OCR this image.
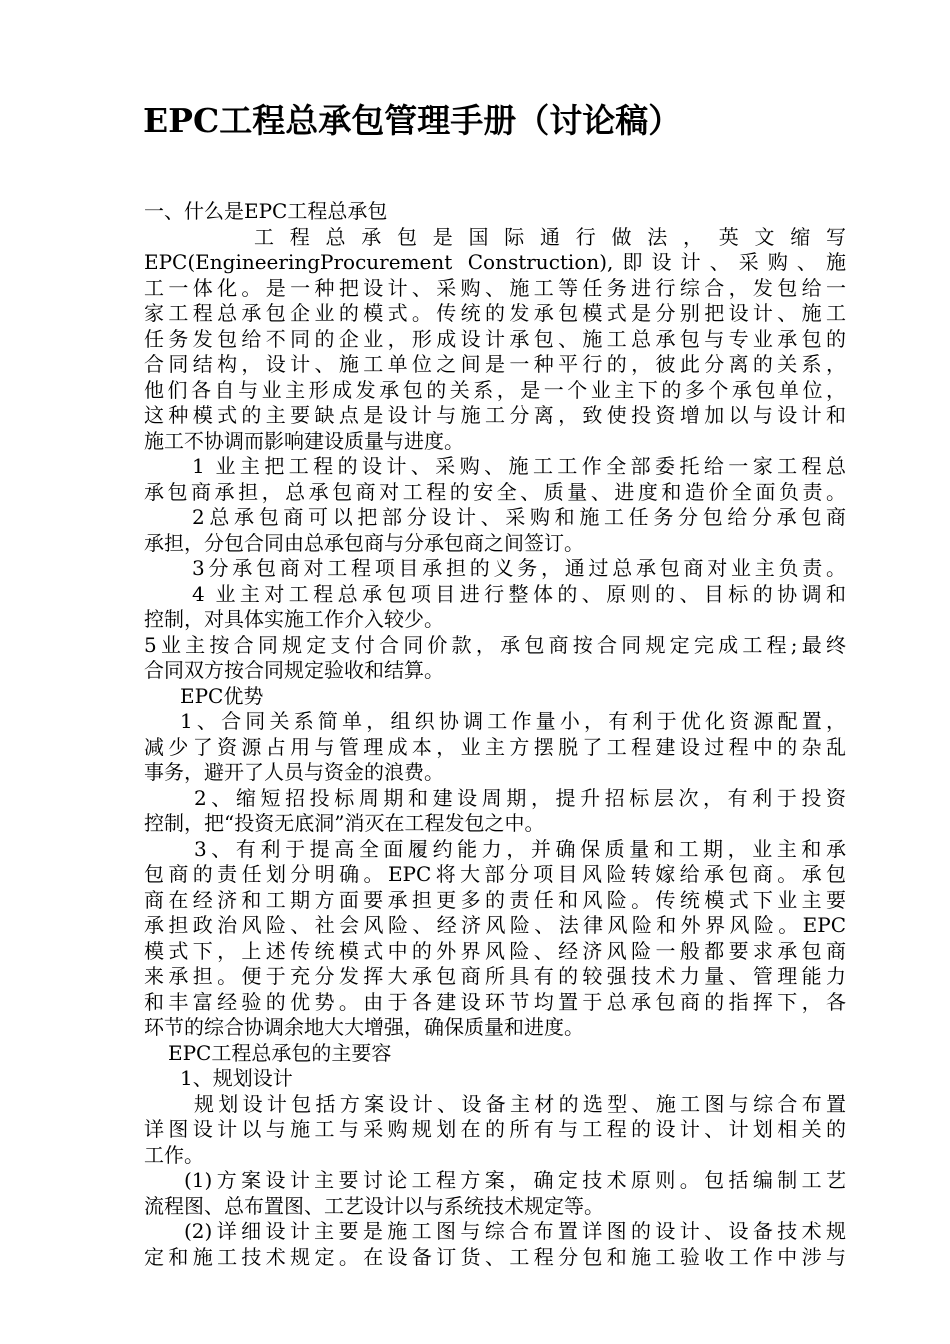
EPC工程总承包管理手册（讨论稿）
一、什么是EPC工程总承包
工 程 总 承 包 是 国 际 通 行 做 法 ， 英 文 缩 写
EPC(EngineeringProcurement Construction),即设计、采购、施
工一体化。是一种把设计、采购、施工等任务进行综合，发包给一
家工程总承包企业的模式。传统的发承包模式是分别把设计、施工
任务发包给不同的企业，形成设计承包、施工总承包与专业承包的
合同结构，设计、施工单位之间是一种平行的，彼此分离的关系，
他们各自与业主形成发承包的关系，是一个业主下的多个承包单位，
这种模式的主要缺点是设计与施工分离，致使投资增加以与设计和
施工不协调而影响建设质量与进度。
1 业主把工程的设计、采购、施工工作全部委托给一家工程总
承包商承担，总承包商对工程的安全、质量、进度和造价全面负责。
2总承包商可以把部分设计、采购和施工任务分包给分承包商
承担，分包合同由总承包商与分承包商之间签订。
3分承包商对工程项目承担的义务，通过总承包商对业主负责。
4 业主对工程总承包项目进行整体的、原则的、目标的协调和
控制，对具体实施工作介入较少。
5业主按合同规定支付合同价款，承包商按合同规定完成工程;最终
合同双方按合同规定验收和结算。
EPC优势
1、合同关系简单，组织协调工作量小，有利于优化资源配置，
减少了资源占用与管理成本，业主方摆脱了工程建设过程中的杂乱
事务，避开了人员与资金的浪费。
2、缩短招投标周期和建设周期，提升招标层次，有利于投资
控制，把“投资无底洞”消灭在工程发包之中。
3、有利于提高全面履约能力，并确保质量和工期，业主和承
包商的责任划分明确。EPC将大部分项目风险转嫁给承包商。承包
商在经济和工期方面要承担更多的责任和风险。传统模式下业主要
承担政治风险、社会风险、经济风险、法律风险和外界风险。EPC
模式下，上述传统模式中的外界风险、经济风险一般都要求承包商
来承担。便于充分发挥大承包商所具有的较强技术力量、管理能力
和丰富经验的优势。由于各建设环节均置于总承包商的指挥下，各
环节的综合协调余地大大增强，确保质量和进度。
EPC工程总承包的主要容
1、规划设计
规划设计包括方案设计、设备主材的选型、施工图与综合布置
详图设计以与施工与采购规划在的所有与工程的设计、计划相关的
工作。
(1)方案设计主要讨论工程方案，确定技术原则。包括编制工艺
流程图、总布置图、工艺设计以与系统技术规定等。
(2)详细设计主要是施工图与综合布置详图的设计、设备技术规
定和施工技术规定。在设备订货、工程分包和施工验收工作中涉与
